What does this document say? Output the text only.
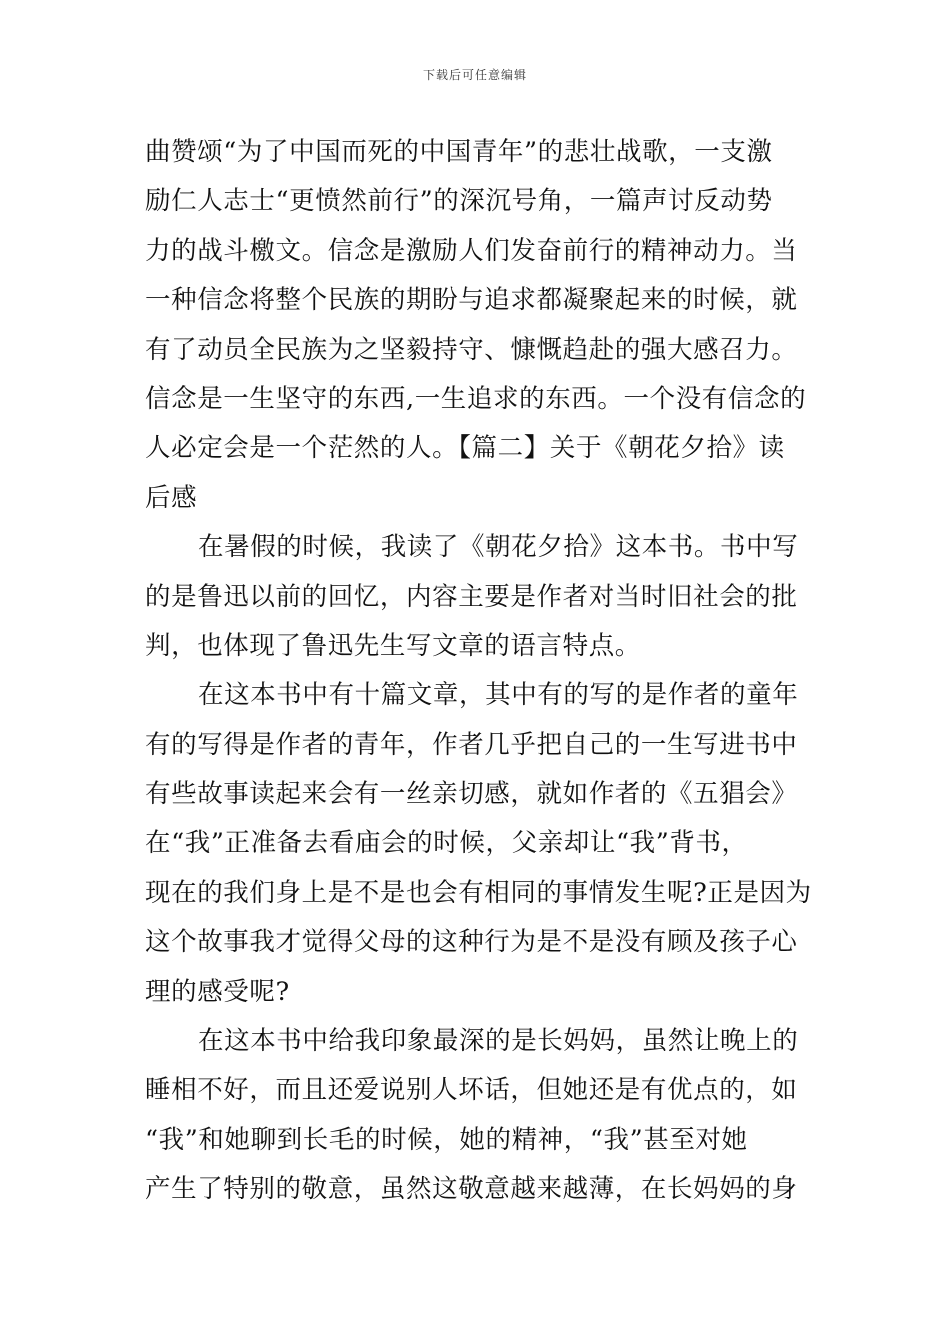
下载后可任意编辑
曲赞颂“为了中国而死的中国青年”的悲壮战歌，一支激
励仁人志士“更愤然前行”的深沉号角，一篇声讨反动势
力的战斗檄文。信念是激励人们发奋前行的精神动力。当
一种信念将整个民族的期盼与追求都凝聚起来的时候，就
有了动员全民族为之坚毅持守、慷慨趋赴的强大感召力。
信念是一生坚守的东西,一生追求的东西。一个没有信念的
人必定会是一个茫然的人。【篇二】关于《朝花夕拾》读
后感
在暑假的时候，我读了《朝花夕拾》这本书。书中写
的是鲁迅以前的回忆，内容主要是作者对当时旧社会的批
判，也体现了鲁迅先生写文章的语言特点。
在这本书中有十篇文章，其中有的写的是作者的童年
有的写得是作者的青年，作者几乎把自己的一生写进书中
有些故事读起来会有一丝亲切感，就如作者的《五猖会》
在“我”正准备去看庙会的时候，父亲却让“我”背书，
现在的我们身上是不是也会有相同的事情发生呢?正是因为
这个故事我才觉得父母的这种行为是不是没有顾及孩子心
理的感受呢?
在这本书中给我印象最深的是长妈妈，虽然让晚上的
睡相不好，而且还爱说别人坏话，但她还是有优点的，如
“我”和她聊到长毛的时候，她的精神，“我”甚至对她
产生了特别的敬意，虽然这敬意越来越薄，在长妈妈的身
